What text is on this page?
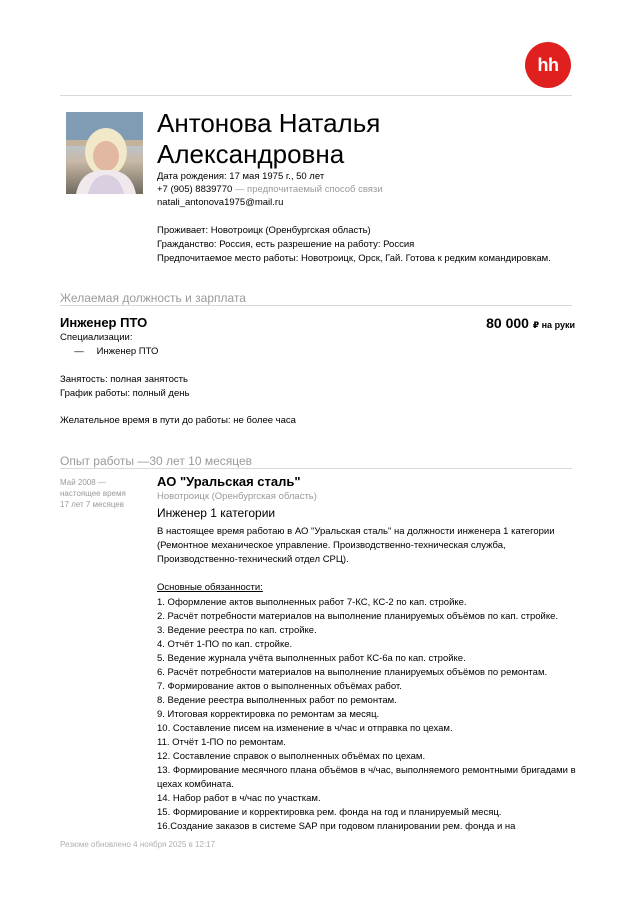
hh
Антонова Наталья
Александровна
Дата рождения: 17 мая 1975 г., 50 лет
+7 (905) 8839770 — предпочитаемый способ связи
natali_antonova1975@mail.ru
Проживает: Новотроицк (Оренбургская область)
Гражданство: Россия, есть разрешение на работу: Россия
Предпочитаемое место работы: Новотроицк, Орск, Гай. Готова к редким командировкам.
Желаемая должность и зарплата
Инженер ПТО	80 000 ₽ на руки
Специализации:
— Инженер ПТО
Занятость: полная занятость
График работы: полный день
Желательное время в пути до работы: не более часа
Опыт работы —30 лет 10 месяцев
Май 2008 —
настоящее время
17 лет 7 месяцев
АО "Уральская сталь"
Новотроицк (Оренбургская область)
Инженер 1 категории
В настоящее время работаю в АО "Уральская сталь" на должности инженера 1 категории (Ремонтное механическое управление. Производственно-техническая служба, Производственно-технический отдел СРЦ).
Основные обязанности:
1. Оформление актов выполненных работ 7-КС, КС-2 по кап. стройке.
2. Расчёт потребности материалов на выполнение планируемых объёмов по кап. стройке.
3. Ведение реестра по кап. стройке.
4. Отчёт 1-ПО по кап. стройке.
5. Ведение журнала учёта выполненных работ КС-6а по кап. стройке.
6. Расчёт потребности материалов на выполнение планируемых объёмов по ремонтам.
7. Формирование актов о выполненных объёмах работ.
8. Ведение реестра выполненных работ по ремонтам.
9. Итоговая корректировка по ремонтам за месяц.
10. Составление писем на изменение в ч/час и отправка по цехам.
11. Отчёт 1-ПО по ремонтам.
12. Составление справок о выполненных объёмах по цехам.
13. Формирование месячного плана объёмов в ч/час, выполняемого ремонтными бригадами в цехах комбината.
14. Набор работ в ч/час по участкам.
15. Формирование и корректировка рем. фонда на год и планируемый месяц.
16.Создание заказов в системе SAP при годовом планировании рем. фонда и на
Резюме обновлено 4 ноября 2025 в 12:17
